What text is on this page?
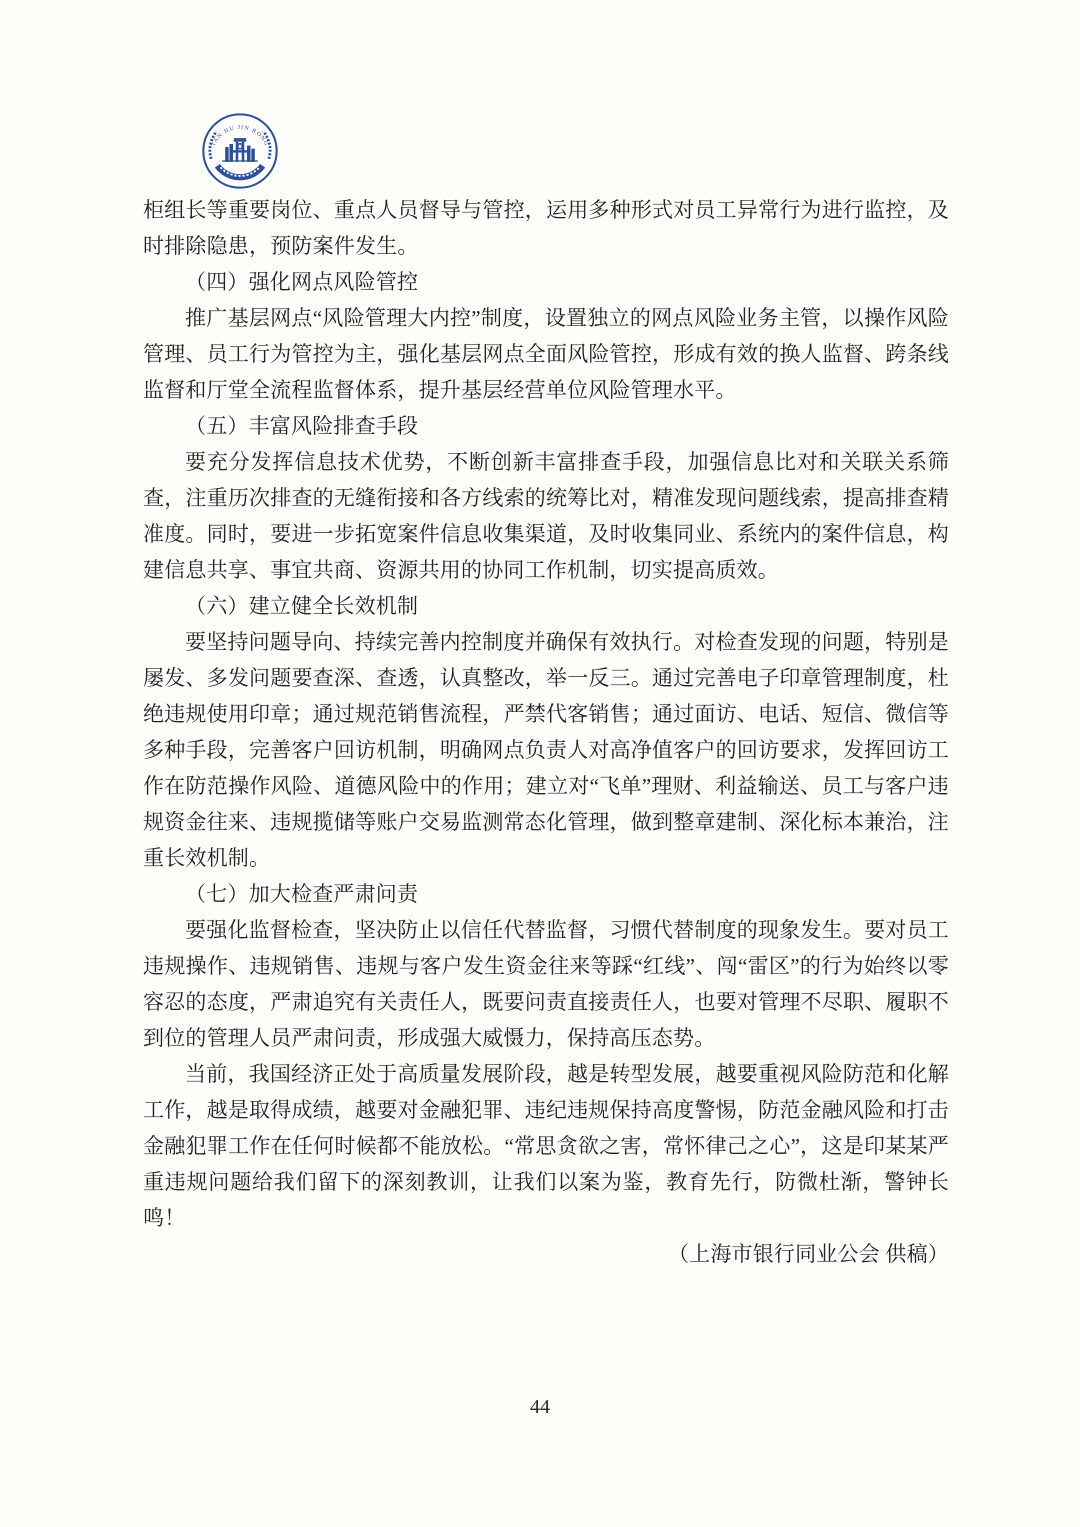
TAN HU JIN RONG

柜组长等重要岗位、重点人员督导与管控，运用多种形式对员工异常行为进行监控，及时排除隐患，预防案件发生。

（四）强化网点风险管控

推广基层网点“风险管理大内控”制度，设置独立的网点风险业务主管，以操作风险管理、员工行为管控为主，强化基层网点全面风险管控，形成有效的换人监督、跨条线监督和厅堂全流程监督体系，提升基层经营单位风险管理水平。

（五）丰富风险排查手段

要充分发挥信息技术优势，不断创新丰富排查手段，加强信息比对和关联关系筛查，注重历次排查的无缝衔接和各方线索的统筹比对，精准发现问题线索，提高排查精准度。同时，要进一步拓宽案件信息收集渠道，及时收集同业、系统内的案件信息，构建信息共享、事宜共商、资源共用的协同工作机制，切实提高质效。

（六）建立健全长效机制

要坚持问题导向、持续完善内控制度并确保有效执行。对检查发现的问题，特别是屡发、多发问题要查深、查透，认真整改，举一反三。通过完善电子印章管理制度，杜绝违规使用印章；通过规范销售流程，严禁代客销售；通过面访、电话、短信、微信等多种手段，完善客户回访机制，明确网点负责人对高净值客户的回访要求，发挥回访工作在防范操作风险、道德风险中的作用；建立对“飞单”理财、利益输送、员工与客户违规资金往来、违规揽储等账户交易监测常态化管理，做到整章建制、深化标本兼治，注重长效机制。

（七）加大检查严肃问责

要强化监督检查，坚决防止以信任代替监督，习惯代替制度的现象发生。要对员工违规操作、违规销售、违规与客户发生资金往来等踩“红线”、闯“雷区”的行为始终以零容忍的态度，严肃追究有关责任人，既要问责直接责任人，也要对管理不尽职、履职不到位的管理人员严肃问责，形成强大威慑力，保持高压态势。

当前，我国经济正处于高质量发展阶段，越是转型发展，越要重视风险防范和化解工作，越是取得成绩，越要对金融犯罪、违纪违规保持高度警惕，防范金融风险和打击金融犯罪工作在任何时候都不能放松。“常思贪欲之害，常怀律己之心”，这是印某某严重违规问题给我们留下的深刻教训，让我们以案为鉴，教育先行，防微杜渐，警钟长鸣！

（上海市银行同业公会 供稿）

44
